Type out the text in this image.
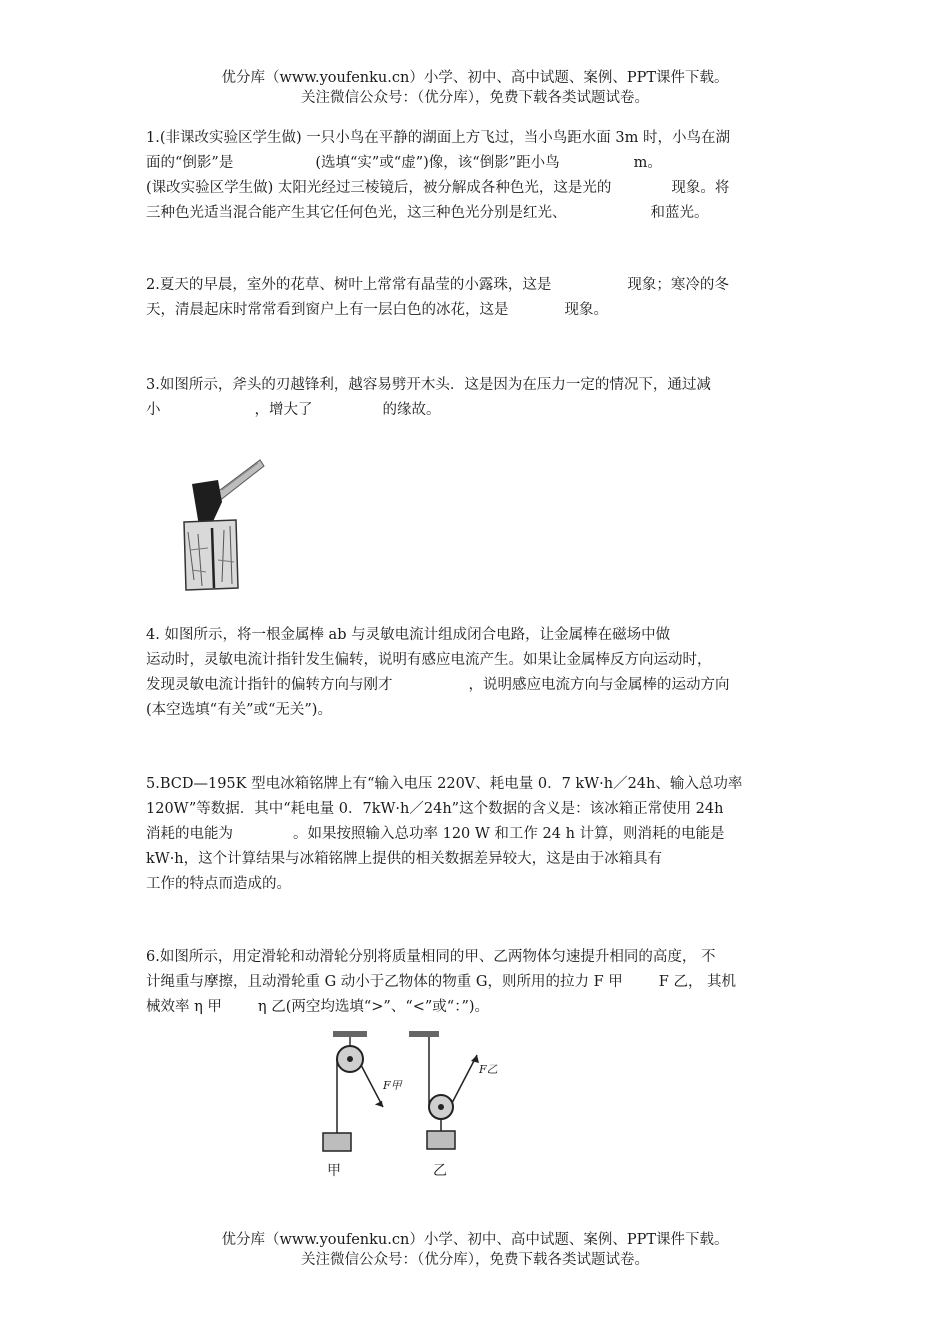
优分库（www.youfenku.cn）小学、初中、高中试题、案例、PPT课件下载。
关注微信公众号：（优分库），免费下载各类试题试卷。

1.(非课改实验区学生做) 一只小鸟在平静的湖面上方飞过，当小鸟距水面 3m 时，小鸟在湖

面的“倒影”是	(选填“实”或“虚”)像，该“倒影”距小鸟	m。

(课改实验区学生做) 太阳光经过三棱镜后，被分解成各种色光，这是光的	现象。将

三种色光适当混合能产生其它任何色光，这三种色光分别是红光、	和蓝光。

2.夏天的早晨，室外的花草、树叶上常常有晶莹的小露珠，这是	现象；寒冷的冬

天，清晨起床时常常看到窗户上有一层白色的冰花，这是	现象。

3.如图所示，斧头的刃越锋利，越容易劈开木头．这是因为在压力一定的情况下，通过减

小	，增大了	的缘故。

4. 如图所示，将一根金属棒 ab 与灵敏电流计组成闭合电路，让金属棒在磁场中做

运动时，灵敏电流计指针发生偏转，说明有感应电流产生。如果让金属棒反方向运动时，

发现灵敏电流计指针的偏转方向与刚才	，说明感应电流方向与金属棒的运动方向

(本空选填“有关”或“无关”)。

5.BCD—195K 型电冰箱铭牌上有“输入电压 220V、耗电量 0．7 kW·h／24h、输入总功率

120W”等数据．其中“耗电量 0．7kW·h／24h”这个数据的含义是：该冰箱正常使用 24h

消耗的电能为	。如果按照输入总功率 120 W 和工作 24 h 计算，则消耗的电能是

kW·h，这个计算结果与冰箱铭牌上提供的相关数据差异较大，这是由于冰箱具有

工作的特点而造成的。

6.如图所示，用定滑轮和动滑轮分别将质量相同的甲、乙两物体匀速提升相同的高度， 不

计绳重与摩擦，且动滑轮重 G 动小于乙物体的物重 G，则所用的拉力 F 甲 F 乙， 其机

械效率 η 甲 η 乙(两空均选填“>”、“<”或“：”)。

F甲
甲
F乙
乙
优分库（www.youfenku.cn）小学、初中、高中试题、案例、PPT课件下载。
关注微信公众号：（优分库），免费下载各类试题试卷。
